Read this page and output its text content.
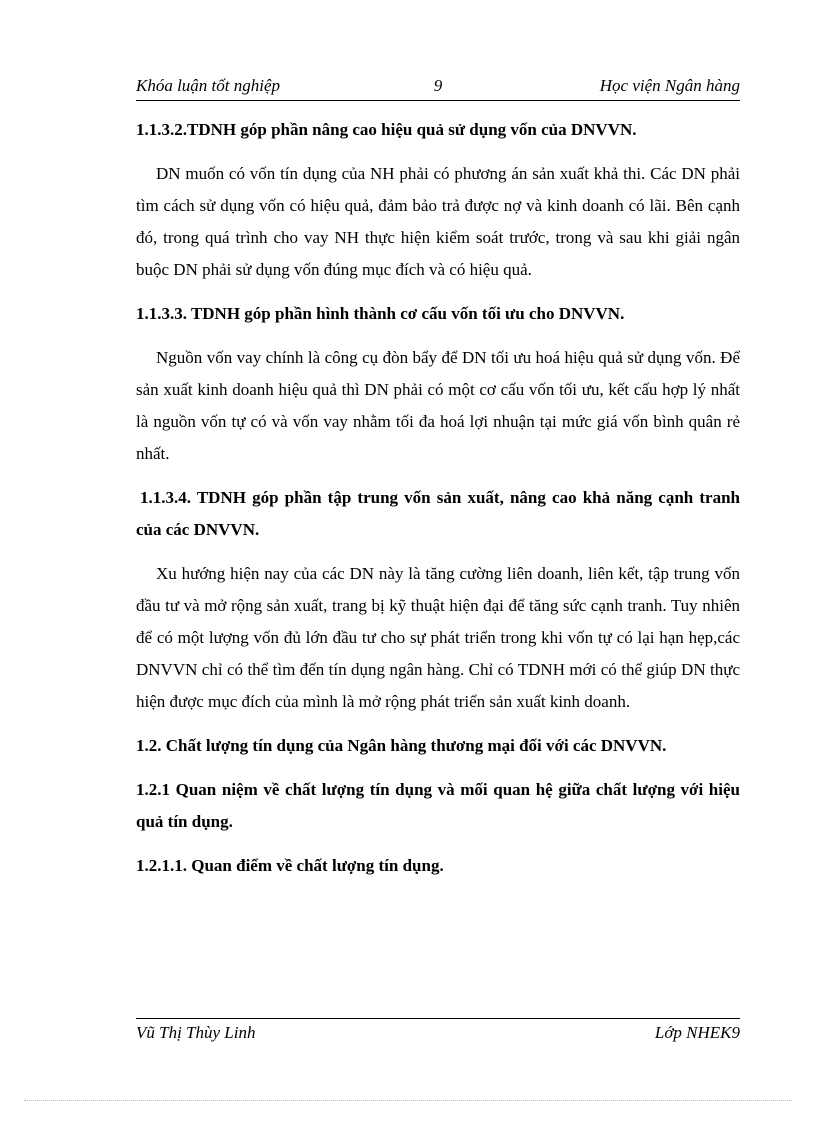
Khóa luận tốt nghiệp	9	Học viện Ngân hàng
1.1.3.2.TDNH góp phần nâng cao hiệu quả sử dụng vốn của DNVVN.

DN muốn có vốn tín dụng của NH phải có phương án sản xuất khả thi. Các DN phải tìm cách sử dụng vốn có hiệu quả, đảm bảo trả được nợ và kinh doanh có lãi. Bên cạnh đó, trong quá trình cho vay NH thực hiện kiểm soát trước, trong và sau khi giải ngân buộc DN phải sử dụng vốn đúng mục đích và có hiệu quả.

1.1.3.3. TDNH góp phần hình thành cơ cấu vốn tối ưu cho DNVVN.

Nguồn vốn vay chính là công cụ đòn bẩy để DN tối ưu hoá hiệu quả sử dụng vốn. Để sản xuất kinh doanh hiệu quả thì DN phải có một cơ cấu vốn tối ưu, kết cấu hợp lý nhất là nguồn vốn tự có và vốn vay nhằm tối đa hoá lợi nhuận tại mức giá vốn bình quân rẻ nhất.

1.1.3.4. TDNH góp phần tập trung vốn sản xuất, nâng cao khả năng cạnh tranh của các DNVVN.

Xu hướng hiện nay của các DN này là tăng cường liên doanh, liên kết, tập trung vốn đầu tư và mở rộng sản xuất, trang bị kỹ thuật hiện đại để tăng sức cạnh tranh. Tuy nhiên để có một lượng vốn đủ lớn đầu tư cho sự phát triển trong khi vốn tự có lại hạn hẹp,các DNVVN chỉ có thể tìm đến tín dụng ngân hàng. Chỉ có TDNH mới có thể giúp DN thực hiện được mục đích của mình là mở rộng phát triển sản xuất kinh doanh.

1.2. Chất lượng tín dụng của Ngân hàng thương mại đối với các DNVVN.
1.2.1 Quan niệm về chất lượng tín dụng và mối quan hệ giữa chất lượng với hiệu quả tín dụng.
1.2.1.1. Quan điểm về chất lượng tín dụng.
Vũ Thị Thùy Linh	Lớp NHEK9
